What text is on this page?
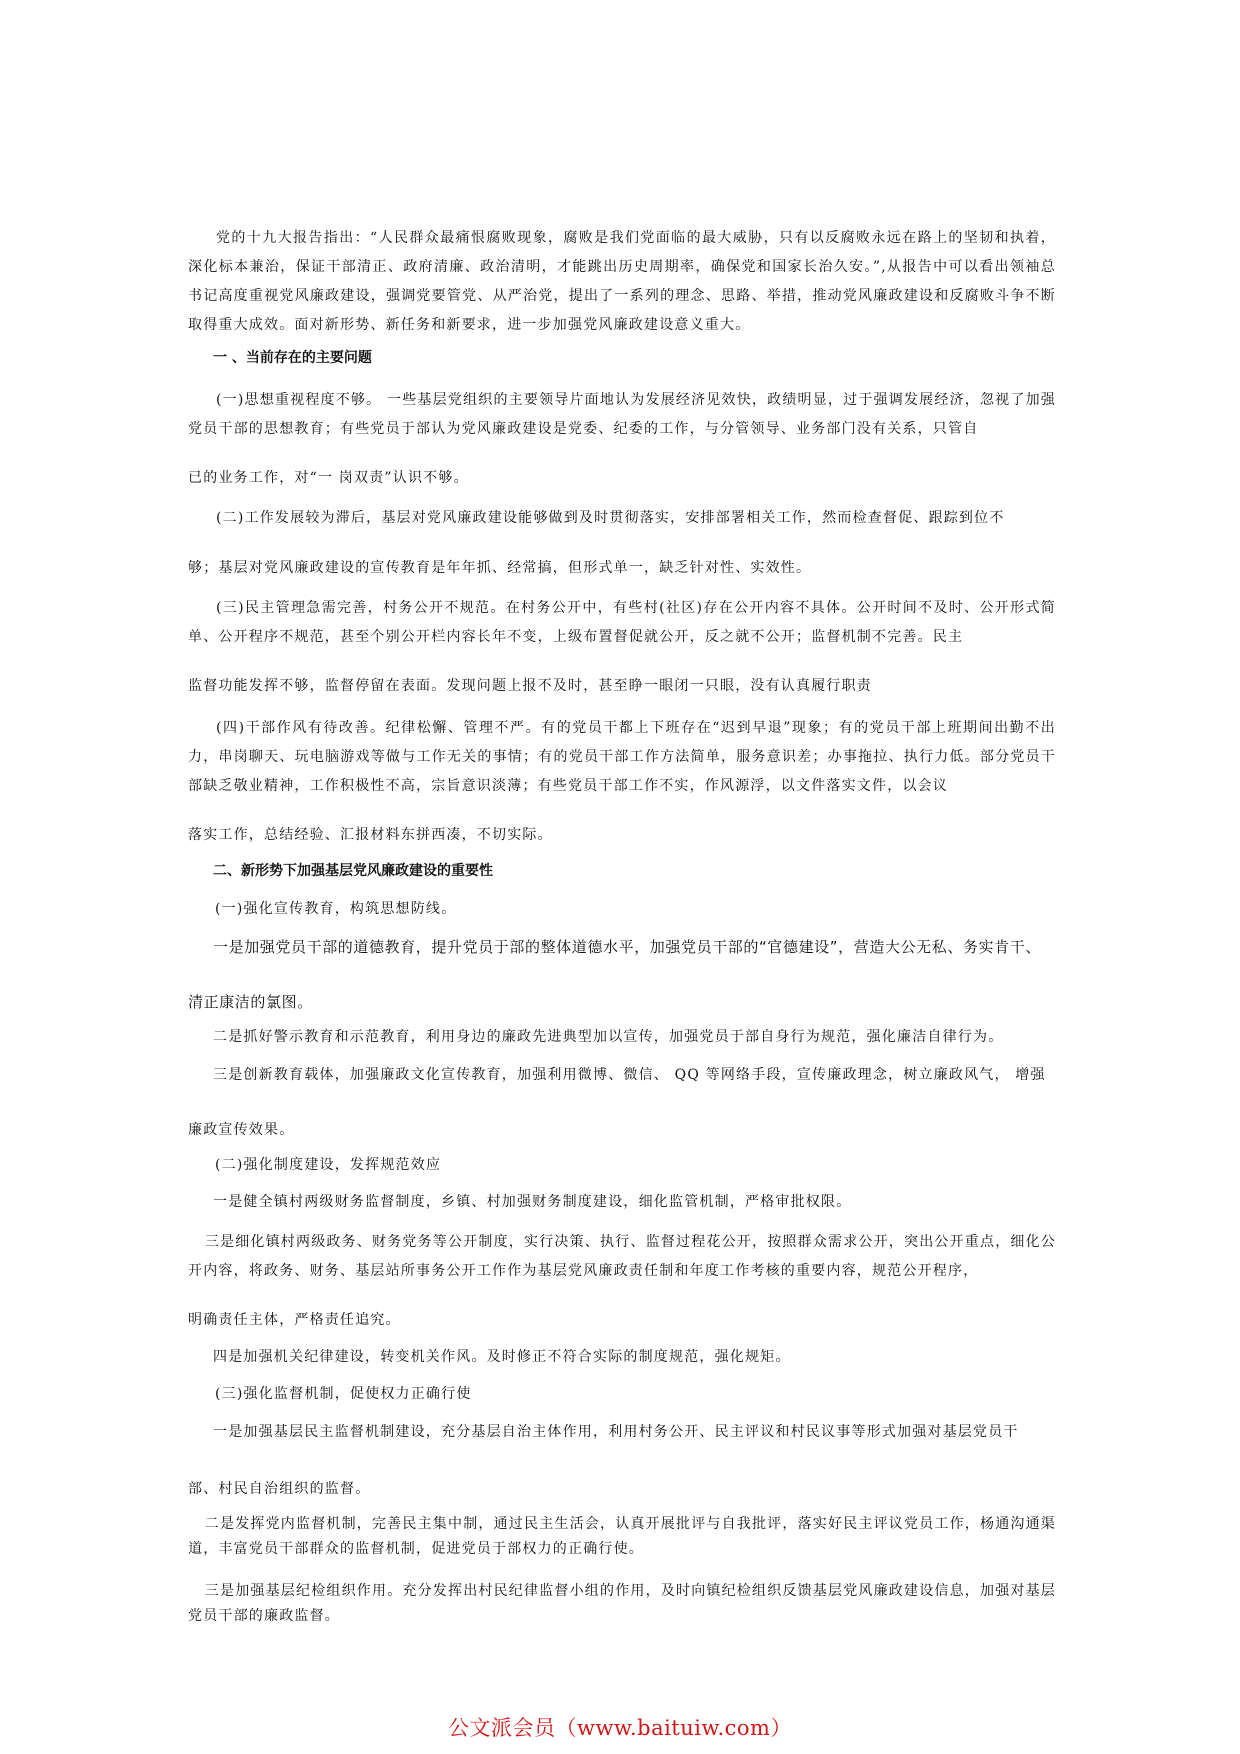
党的十九大报告指出：“人民群众最痛恨腐败现象，腐败是我们党面临的最大威胁，只有以反腐败永远在路上的坚韧和执着，深化标本兼治，保证干部清正、政府清廉、政治清明，才能跳出历史周期率，确保党和国家长治久安。”,从报告中可以看出领袖总书记高度重视党风廉政建设，强调党要管党、从严治党，提出了一系列的理念、思路、举措，推动党风廉政建设和反腐败斗争不断取得重大成效。面对新形势、新任务和新要求，进一步加强党风廉政建设意义重大。

一 、当前存在的主要问题

(一)思想重视程度不够。 一些基层党组织的主要领导片面地认为发展经济见效快，政绩明显，过于强调发展经济，忽视了加强党员干部的思想教育；有些党员于部认为党风廉政建设是党委、纪委的工作，与分管领导、业务部门没有关系，只管自

已的业务工作，对“一 岗双责”认识不够。

(二)工作发展较为滞后，基层对党风廉政建设能够做到及时贯彻落实，安排部署相关工作，然而检查督促、跟踪到位不

够；基层对党风廉政建设的宣传教育是年年抓、经常搞，但形式单一，缺乏针对性、实效性。

(三)民主管理急需完善，村务公开不规范。在村务公开中，有些村(社区)存在公开内容不具体。公开时间不及时、公开形式简单、公开程序不规范，甚至个别公开栏内容长年不变，上级布置督促就公开，反之就不公开；监督机制不完善。民主

监督功能发挥不够，监督停留在表面。发现问题上报不及时，甚至睁一眼闭一只眼，没有认真履行职责

(四)干部作风有待改善。纪律松懈、管理不严。有的党员干都上下班存在“迟到早退”现象；有的党员干部上班期间出勤不出力，串岗聊天、玩电脑游戏等做与工作无关的事情；有的党员干部工作方法简单，服务意识差；办事拖拉、执行力低。部分党员干部缺乏敬业精神，工作积极性不高，宗旨意识淡薄；有些党员干部工作不实，作风源浮，以文件落实文件，以会议

落实工作，总结经验、汇报材料东拼西凑，不切实际。
二、新形势下加强基层党风廉政建设的重要性
(一)强化宣传教育，构筑思想防线。
一是加强党员干部的道德教育，提升党员于部的整体道德水平，加强党员干部的“官德建设”，营造大公无私、务实肯干、
清正康洁的氯图。
二是抓好警示教育和示范教育，利用身边的廉政先进典型加以宣传，加强党员于部自身行为规范，强化廉洁自律行为。
三是创新教育载体，加强廉政文化宣传教育，加强利用微博、微信、 QQ 等网络手段，宣传廉政理念，树立廉政风气， 增强
廉政宣传效果。
(二)强化制度建设，发挥规范效应
一是健全镇村两级财务监督制度，乡镇、村加强财务制度建设，细化监管机制，严格审批权限。

三是细化镇村两级政务、财务党务等公开制度，实行决策、执行、监督过程花公开，按照群众需求公开，突出公开重点，细化公开内容，将政务、财务、基层站所事务公开工作作为基层党风廉政责任制和年度工作考核的重要内容，规范公开程序，

明确责任主体，严格责任追究。
四是加强机关纪律建设，转变机关作风。及时修正不符合实际的制度规范，强化规矩。
(三)强化监督机制，促使权力正确行使
一是加强基层民主监督机制建设，充分基层自治主体作用，利用村务公开、民主评议和村民议事等形式加强对基层党员干
部、村民自治组织的监督。

二是发挥党内监督机制，完善民主集中制，通过民主生活会，认真开展批评与自我批评，落实好民主评议党员工作，杨通沟通渠道，丰富党员干部群众的监督机制，促进党员于部权力的正确行使。

三是加强基层纪检组织作用。充分发挥出村民纪律监督小组的作用，及时向镇纪检组织反馈基层党风廉政建设信息，加强对基层党员干部的廉政监督。

公文派会员（www.baituiw.com）
